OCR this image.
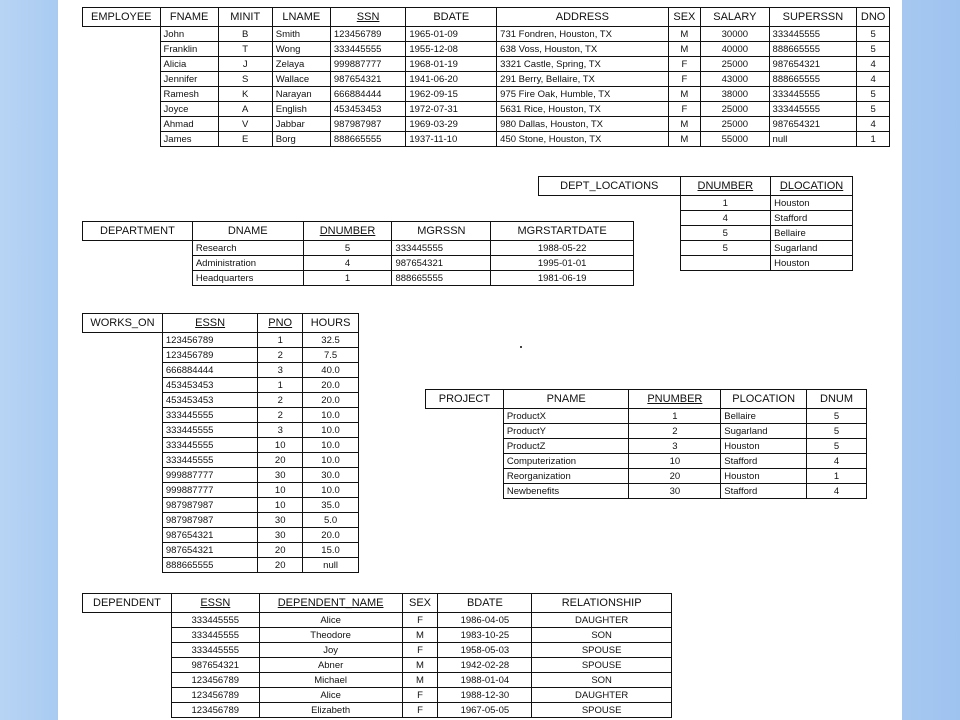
EMPLOYEE	FNAME	MINIT	LNAME	SSN	BDATE	ADDRESS	SEX	SALARY	SUPERSSN	DNO
	John	B	Smith	123456789	1965-01-09	731 Fondren, Houston, TX	M	30000	333445555	5
	Franklin	T	Wong	333445555	1955-12-08	638 Voss, Houston, TX	M	40000	888665555	5
	Alicia	J	Zelaya	999887777	1968-01-19	3321 Castle, Spring, TX	F	25000	987654321	4
	Jennifer	S	Wallace	987654321	1941-06-20	291 Berry, Bellaire, TX	F	43000	888665555	4
	Ramesh	K	Narayan	666884444	1962-09-15	975 Fire Oak, Humble, TX	M	38000	333445555	5
	Joyce	A	English	453453453	1972-07-31	5631 Rice, Houston, TX	F	25000	333445555	5
	Ahmad	V	Jabbar	987987987	1969-03-29	980 Dallas, Houston, TX	M	25000	987654321	4
	James	E	Borg	888665555	1937-11-10	450 Stone, Houston, TX	M	55000	null	1
DEPT_LOCATIONS	DNUMBER	DLOCATION
	1	Houston
	4	Stafford
	5	Bellaire
	5	Sugarland
		Houston
DEPARTMENT	DNAME	DNUMBER	MGRSSN	MGRSTARTDATE
	Research	5	333445555	1988-05-22
	Administration	4	987654321	1995-01-01
	Headquarters	1	888665555	1981-06-19
WORKS_ON	ESSN	PNO	HOURS
	123456789	1	32.5
	123456789	2	7.5
	666884444	3	40.0
	453453453	1	20.0
	453453453	2	20.0
	333445555	2	10.0
	333445555	3	10.0
	333445555	10	10.0
	333445555	20	10.0
	999887777	30	30.0
	999887777	10	10.0
	987987987	10	35.0
	987987987	30	5.0
	987654321	30	20.0
	987654321	20	15.0
	888665555	20	null
PROJECT	PNAME	PNUMBER	PLOCATION	DNUM
	ProductX	1	Bellaire	5
	ProductY	2	Sugarland	5
	ProductZ	3	Houston	5
	Computerization	10	Stafford	4
	Reorganization	20	Houston	1
	Newbenefits	30	Stafford	4
DEPENDENT	ESSN	DEPENDENT_NAME	SEX	BDATE	RELATIONSHIP
	333445555	Alice	F	1986-04-05	DAUGHTER
	333445555	Theodore	M	1983-10-25	SON
	333445555	Joy	F	1958-05-03	SPOUSE
	987654321	Abner	M	1942-02-28	SPOUSE
	123456789	Michael	M	1988-01-04	SON
	123456789	Alice	F	1988-12-30	DAUGHTER
	123456789	Elizabeth	F	1967-05-05	SPOUSE
